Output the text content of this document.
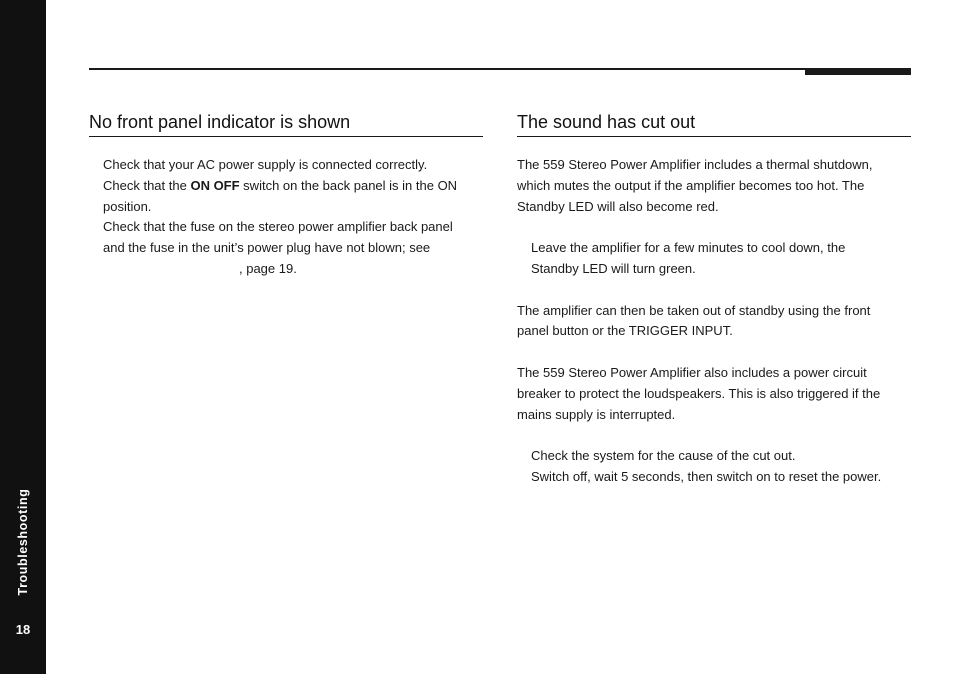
Troubleshooting
18
No front panel indicator is shown
Check that your AC power supply is connected correctly.
Check that the ON OFF switch on the back panel is in the ON
position.
Check that the fuse on the stereo power amplifier back panel
and the fuse in the unit’s power plug have not blown; see
, page 19.
The sound has cut out
The 559 Stereo Power Amplifier includes a thermal shutdown,
which mutes the output if the amplifier becomes too hot. The
Standby LED will also become red.
Leave the amplifier for a few minutes to cool down, the
Standby LED will turn green.
The amplifier can then be taken out of standby using the front
panel button or the TRIGGER INPUT.
The 559 Stereo Power Amplifier also includes a power circuit
breaker to protect the loudspeakers. This is also triggered if the
mains supply is interrupted.
Check the system for the cause of the cut out.
Switch off, wait 5 seconds, then switch on to reset the power.
